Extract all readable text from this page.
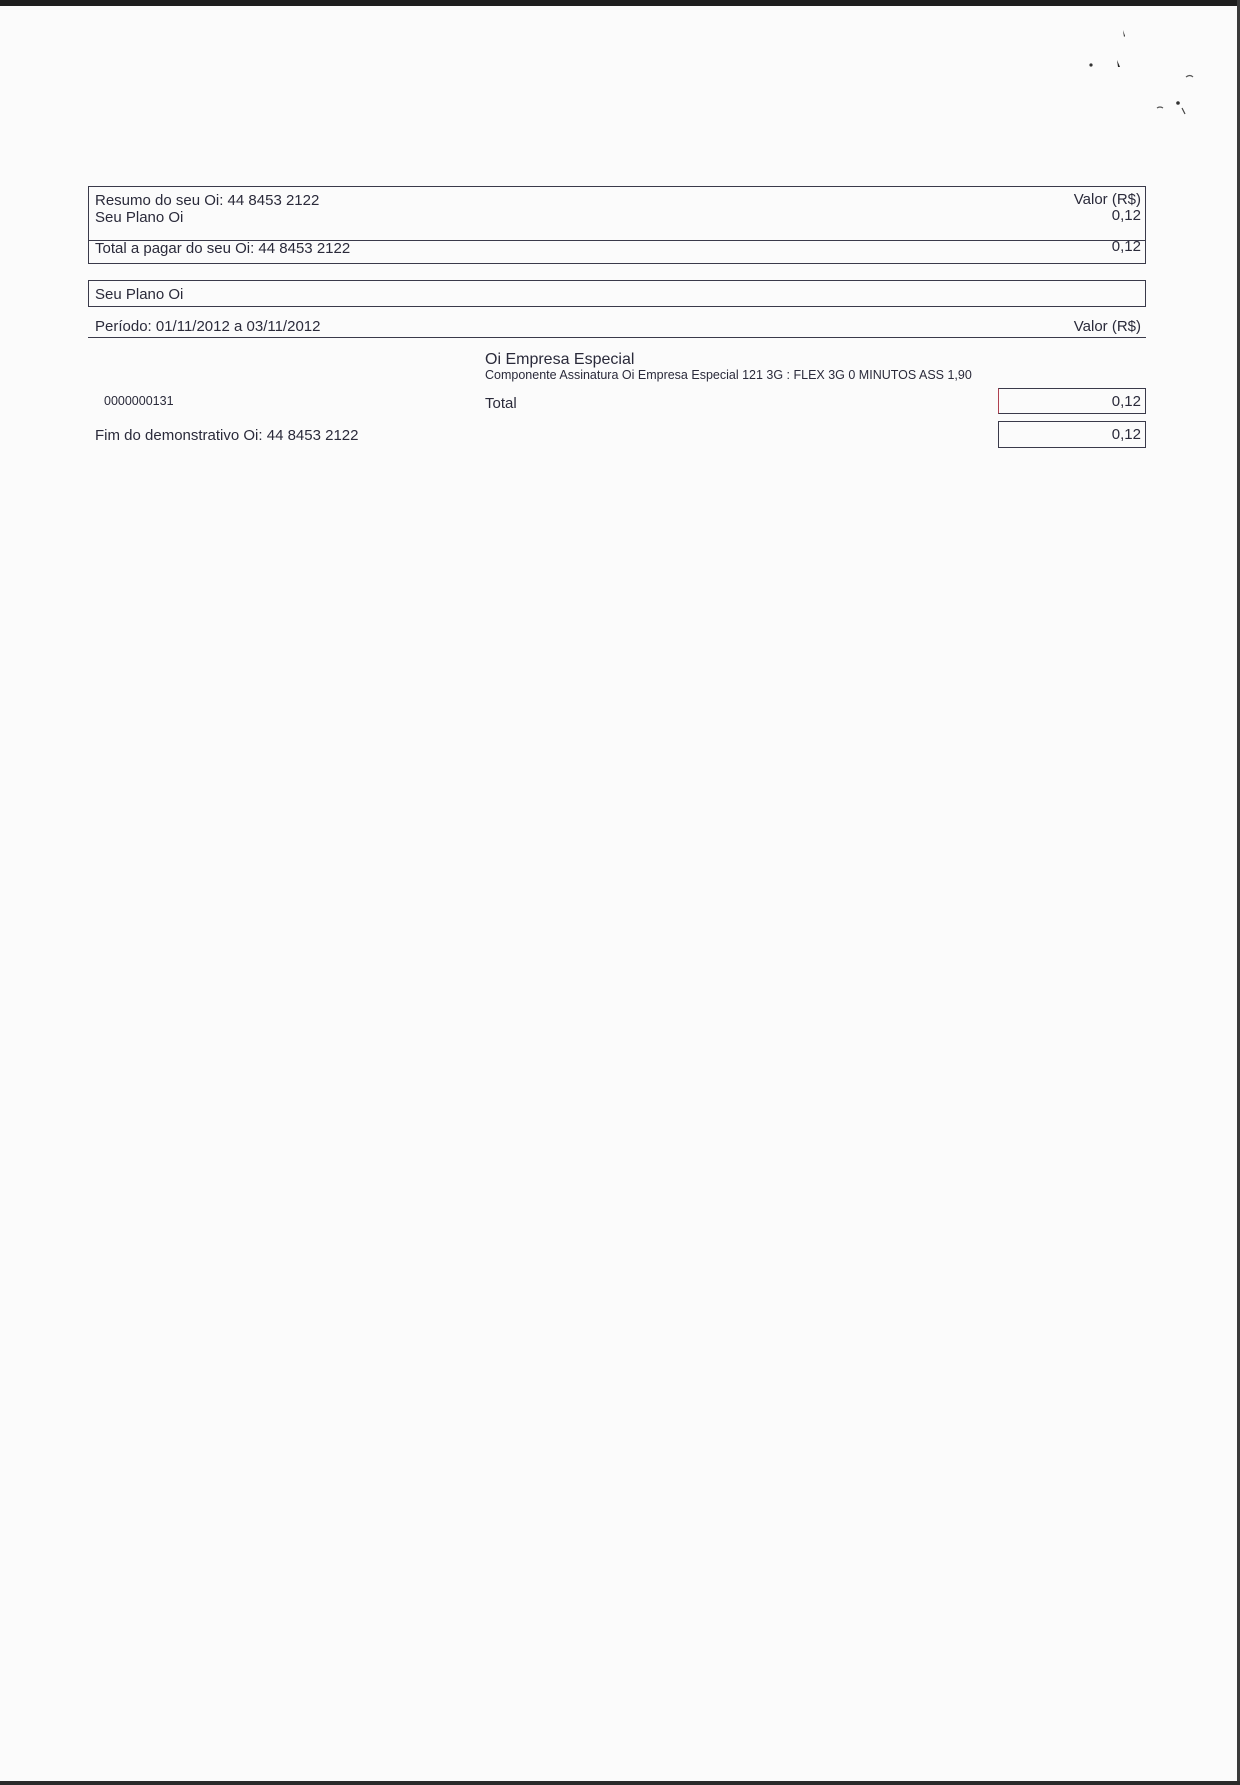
Resumo do seu Oi: 44 8453 2122	Valor (R$)
Seu Plano Oi	0,12
Total a pagar do seu Oi: 44 8453 2122	0,12
Seu Plano Oi
Período: 01/11/2012 a 03/11/2012	Valor (R$)
Oi Empresa Especial
Componente Assinatura Oi Empresa Especial 121 3G : FLEX 3G 0 MINUTOS ASS 1,90
0000000131	Total	0,12
Fim do demonstrativo Oi: 44 8453 2122	0,12
